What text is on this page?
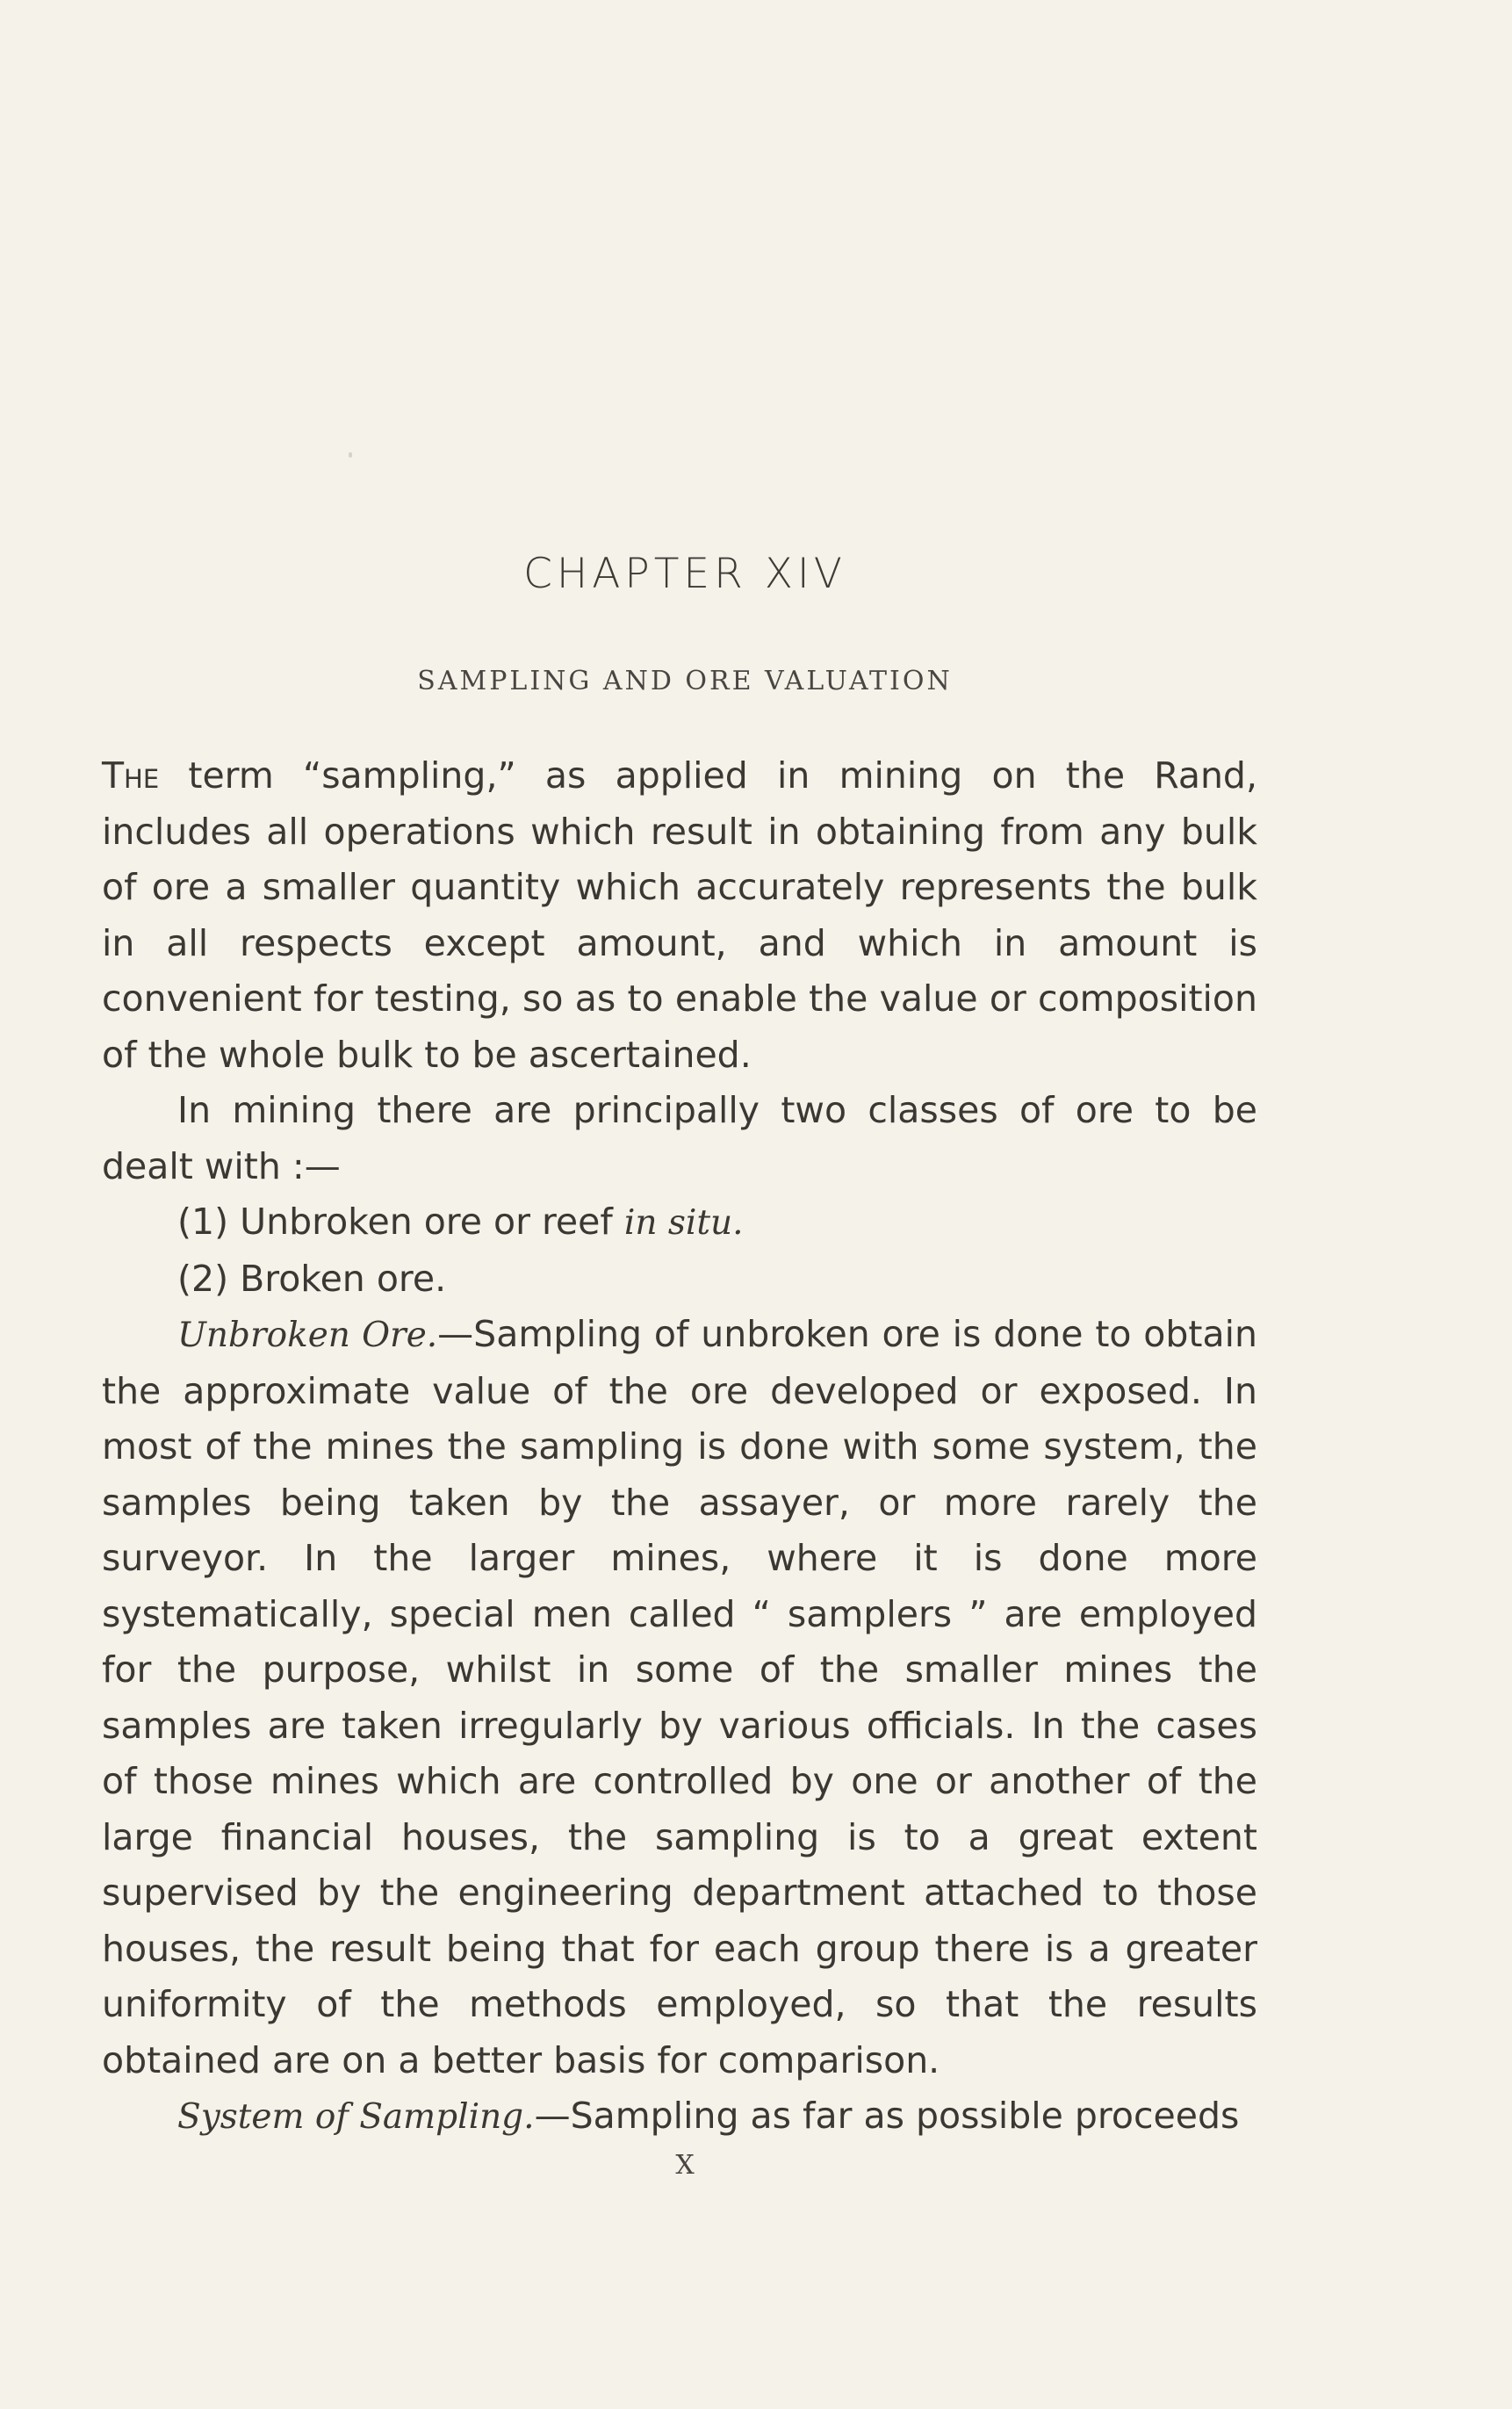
CHAPTER XIV
SAMPLING AND ORE VALUATION

The term “sampling,” as applied in mining on the Rand, includes all operations which result in obtaining from any bulk of ore a smaller quantity which accurately represents the bulk in all respects except amount, and which in amount is convenient for testing, so as to enable the value or composition of the whole bulk to be ascertained.

In mining there are principally two classes of ore to be dealt with :—

(1) Unbroken ore or reef in situ.

(2) Broken ore.

Unbroken Ore.—Sampling of unbroken ore is done to obtain the approximate value of the ore developed or exposed. In most of the mines the sampling is done with some system, the samples being taken by the assayer, or more rarely the surveyor. In the larger mines, where it is done more systematically, special men called “ samplers ” are employed for the purpose, whilst in some of the smaller mines the samples are taken irregularly by various officials. In the cases of those mines which are controlled by one or another of the large financial houses, the sampling is to a great extent supervised by the engineering department attached to those houses, the result being that for each group there is a greater uniformity of the methods employed, so that the results obtained are on a better basis for comparison.

System of Sampling.—Sampling as far as possible proceeds

X
